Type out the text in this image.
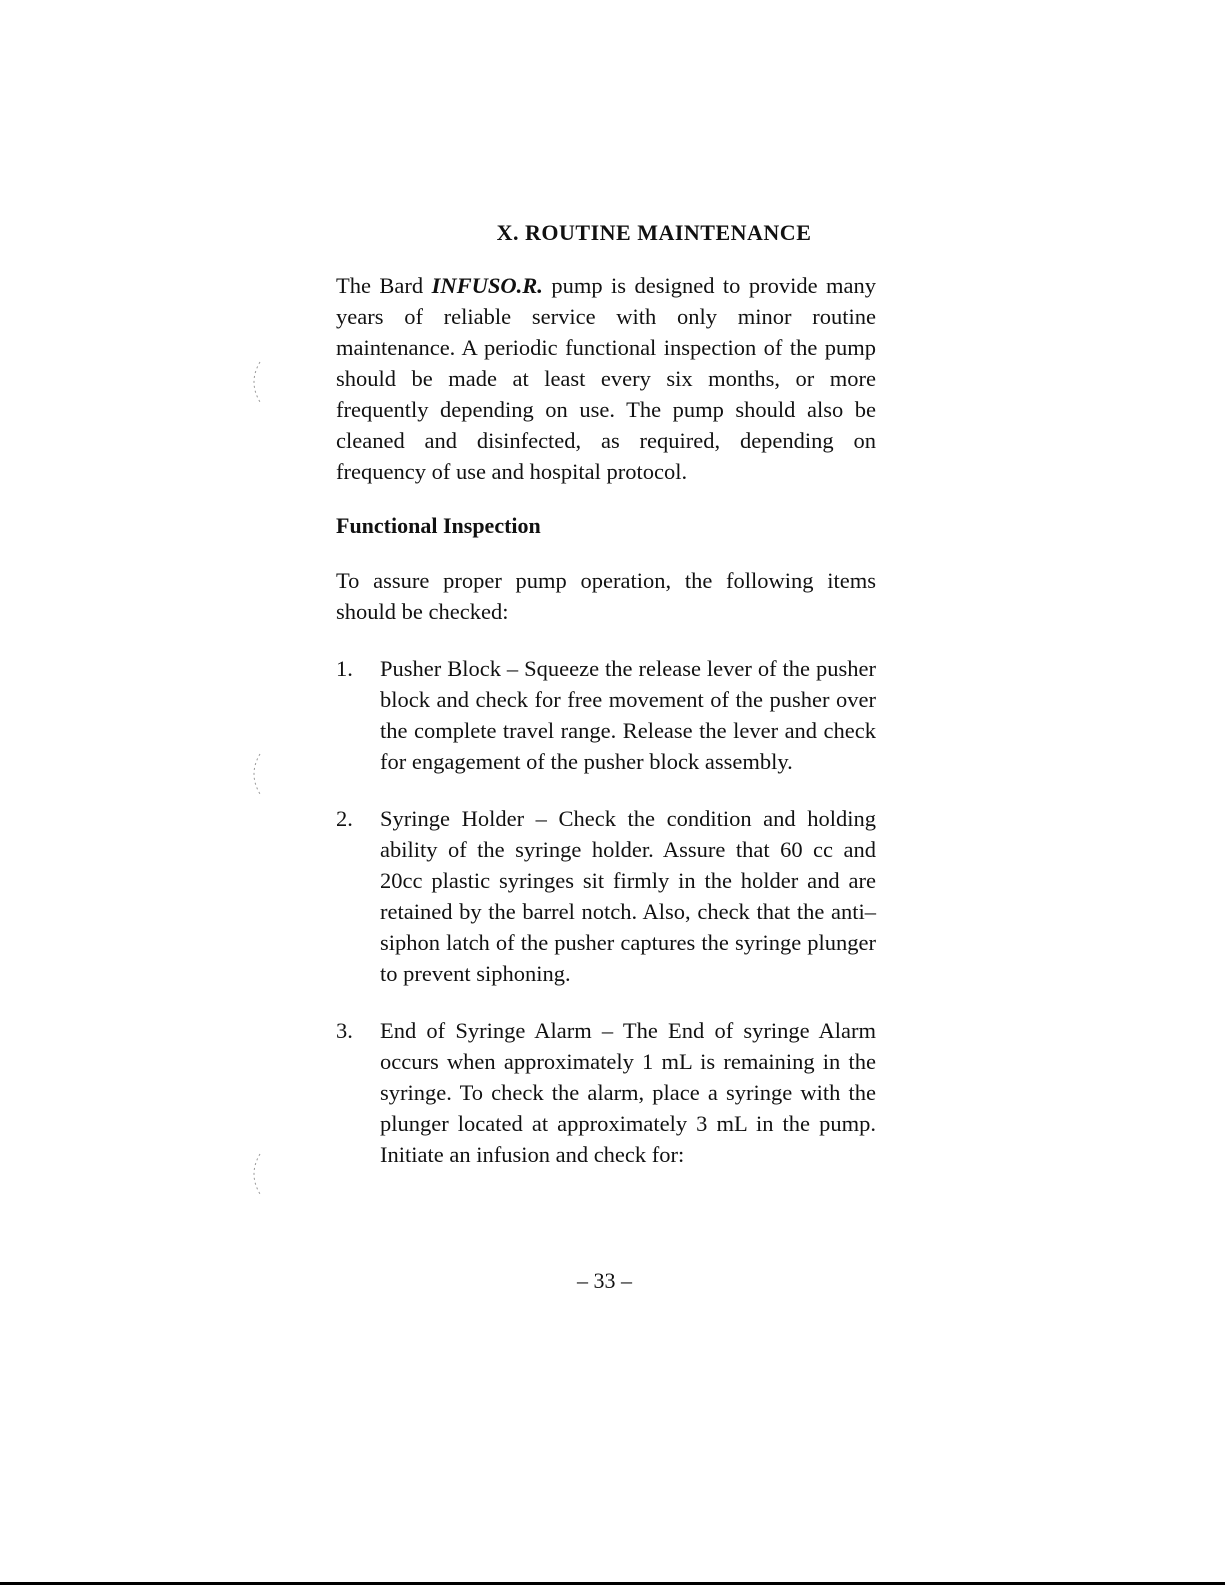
X. ROUTINE MAINTENANCE

The Bard INFUSO.R. pump is designed to provide many years of reliable service with only minor routine maintenance. A periodic functional inspection of the pump should be made at least every six months, or more frequently depending on use. The pump should also be cleaned and disinfected, as required, depending on frequency of use and hospital protocol.

Functional Inspection

To assure proper pump operation, the following items should be checked:

1. Pusher Block – Squeeze the release lever of the pusher block and check for free movement of the pusher over the complete travel range. Release the lever and check for engagement of the pusher block assembly.

2. Syringe Holder – Check the condition and holding ability of the syringe holder. Assure that 60 cc and 20cc plastic syringes sit firmly in the holder and are retained by the barrel notch. Also, check that the anti–siphon latch of the pusher captures the syringe plunger to prevent siphoning.

3. End of Syringe Alarm – The End of syringe Alarm occurs when approximately 1 mL is remaining in the syringe. To check the alarm, place a syringe with the plunger located at approximately 3 mL in the pump. Initiate an infusion and check for:

– 33 –
